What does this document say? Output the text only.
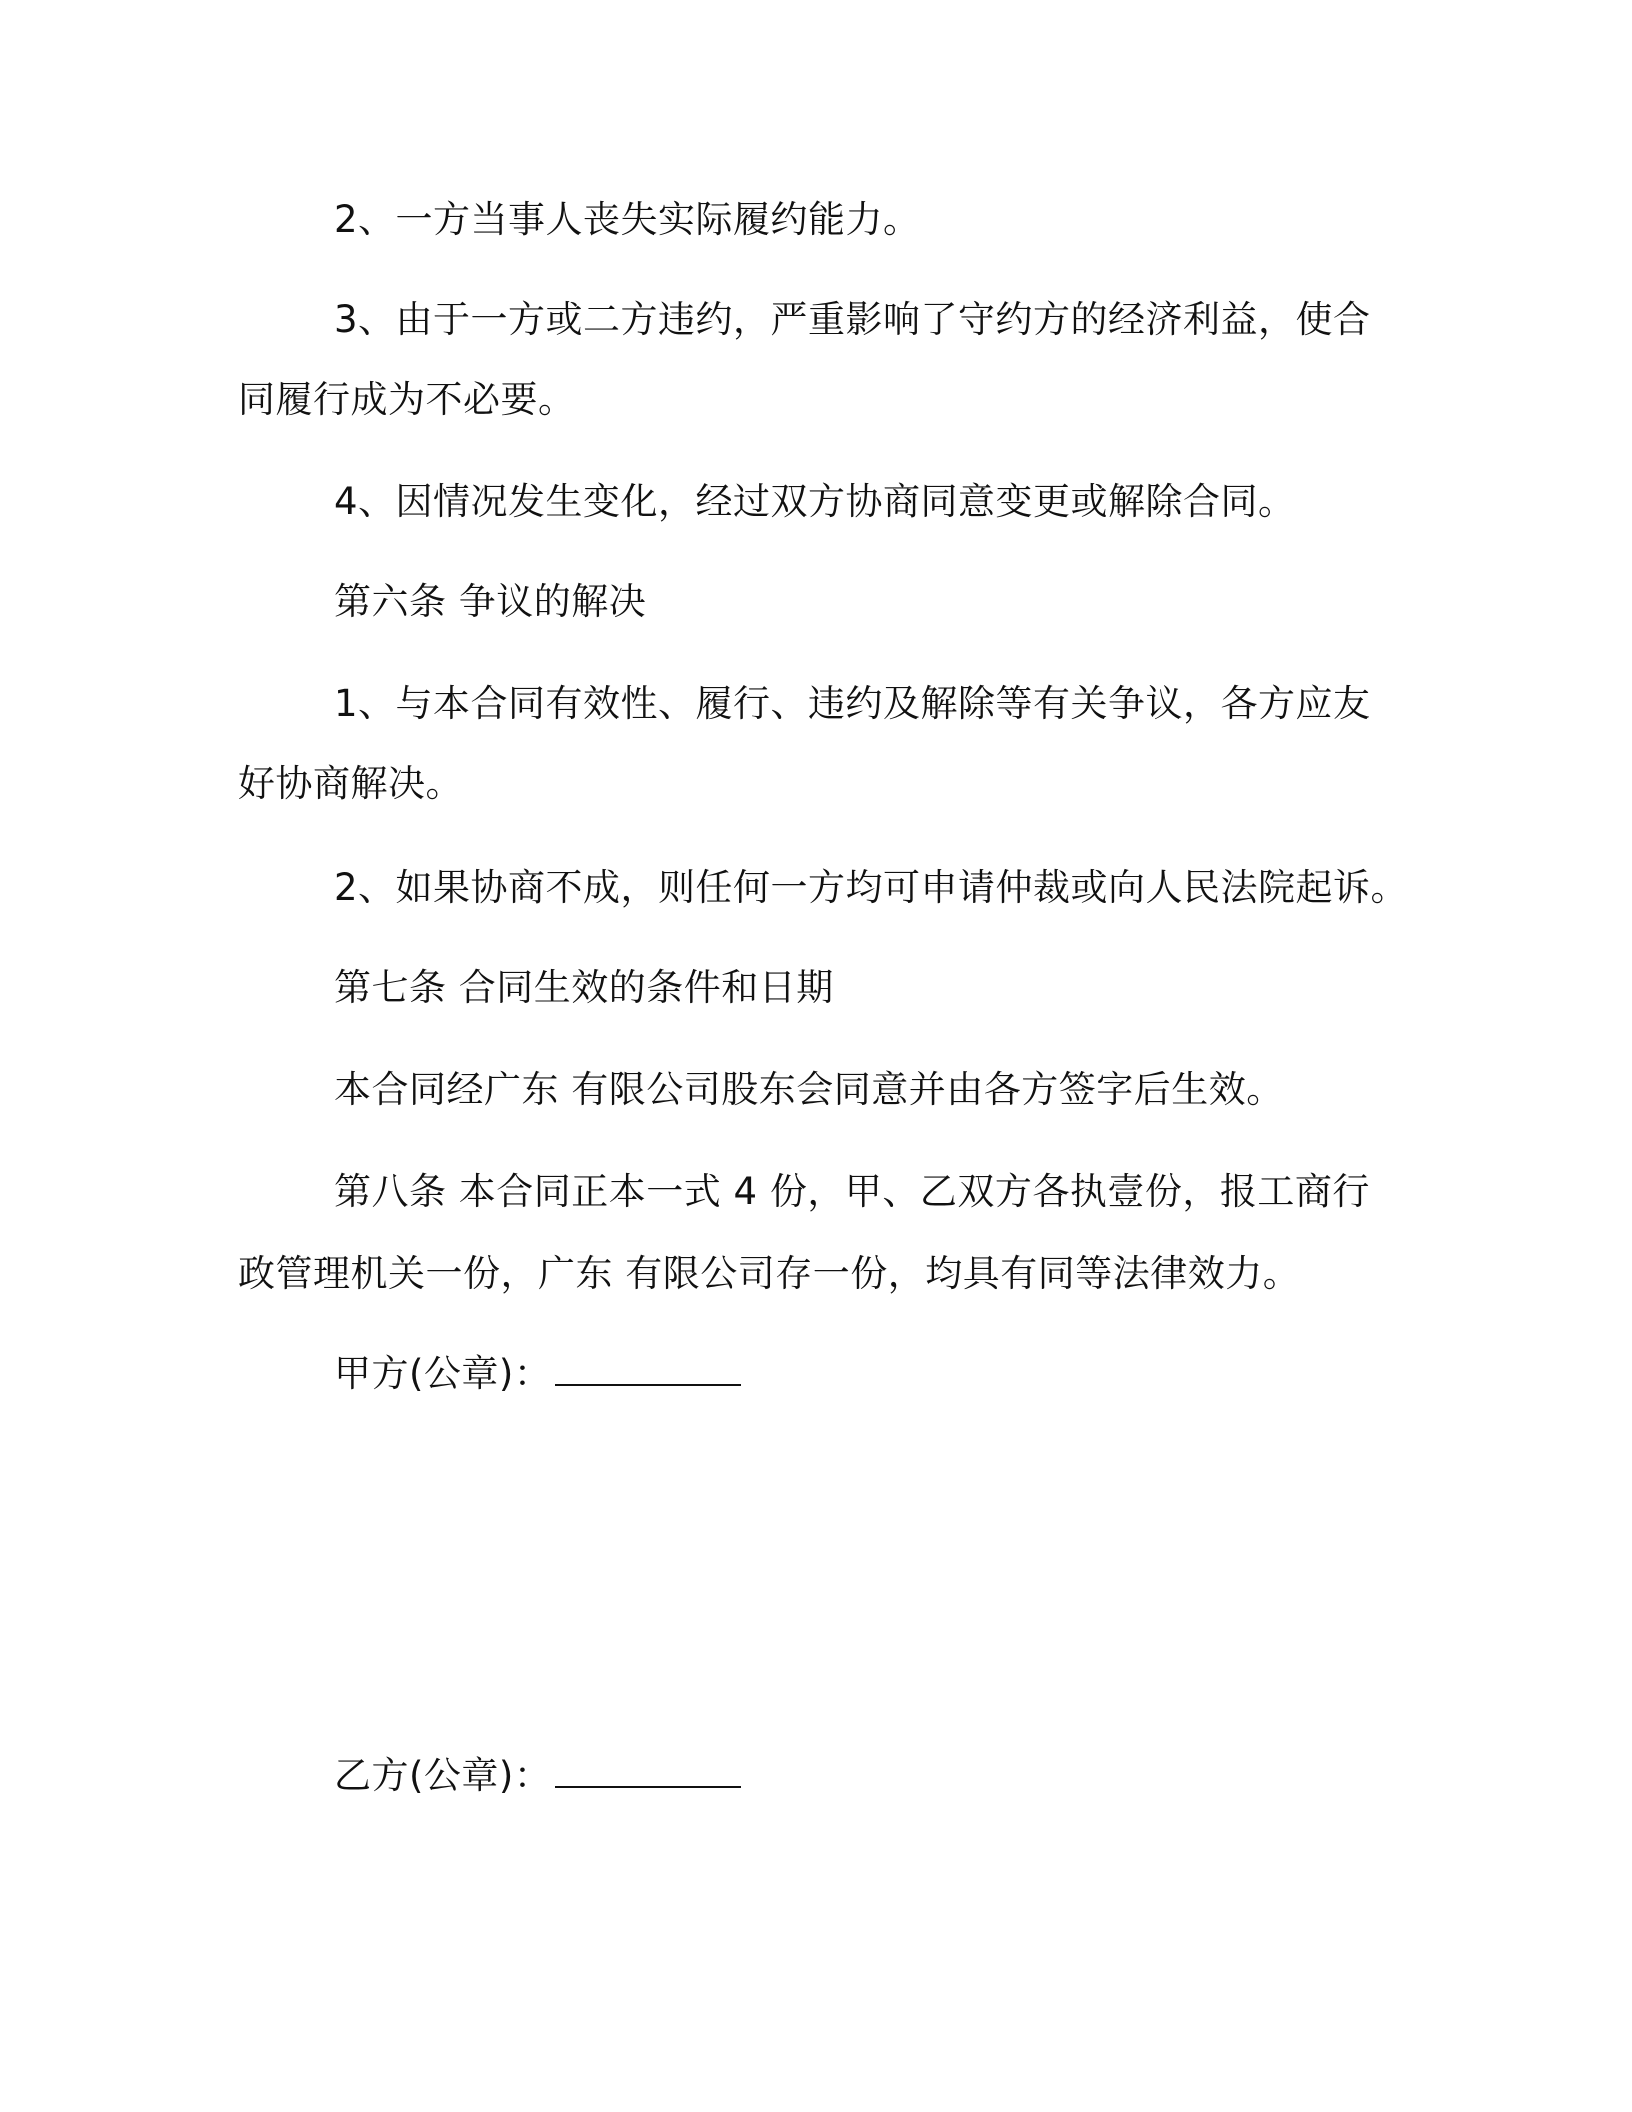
2、一方当事人丧失实际履约能力。

3、由于一方或二方违约，严重影响了守约方的经济利益，使合

同履行成为不必要。

4、因情况发生变化，经过双方协商同意变更或解除合同。

第六条 争议的解决

1、与本合同有效性、履行、违约及解除等有关争议，各方应友

好协商解决。

2、如果协商不成，则任何一方均可申请仲裁或向人民法院起诉。

第七条 合同生效的条件和日期

本合同经广东 有限公司股东会同意并由各方签字后生效。

第八条 本合同正本一式 4 份，甲、乙双方各执壹份，报工商行

政管理机关一份，广东 有限公司存一份，均具有同等法律效力。

甲方(公章)：

乙方(公章)：
